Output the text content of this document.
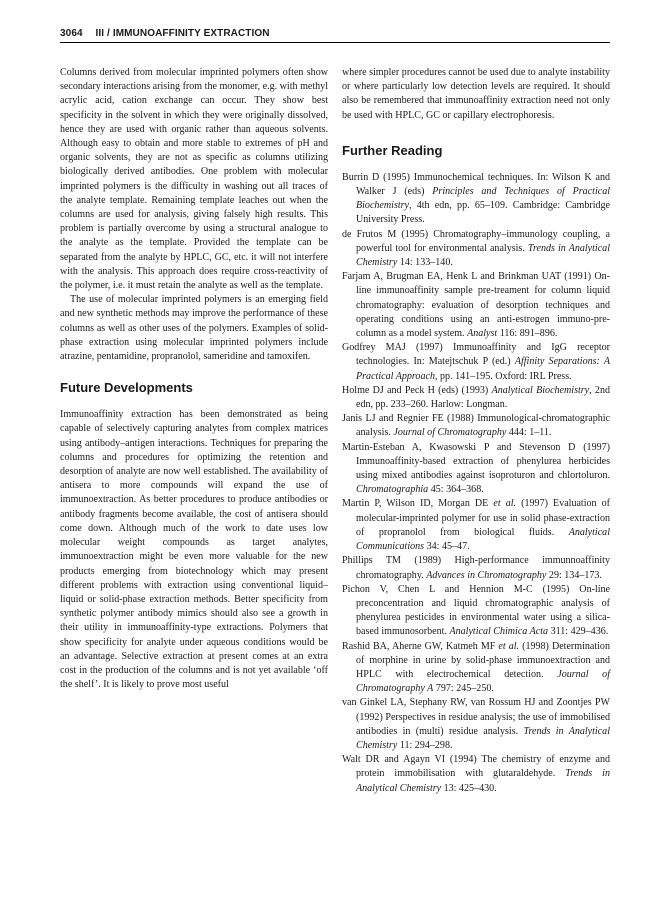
3064 III / IMMUNOAFFINITY EXTRACTION

Columns derived from molecular imprinted polymers often show secondary interactions arising from the monomer, e.g. with methyl acrylic acid, cation exchange can occur. They show best specificity in the solvent in which they were originally dissolved, hence they are used with organic rather than aqueous solvents. Although easy to obtain and more stable to extremes of pH and organic solvents, they are not as specific as columns utilizing biologically derived antibodies. One problem with molecular imprinted polymers is the difficulty in washing out all traces of the analyte template. Remaining template leaches out when the columns are used for analysis, giving falsely high results. This problem is partially overcome by using a structural analogue to the analyte as the template. Provided the template can be separated from the analyte by HPLC, GC, etc. it will not interfere with the analysis. This approach does require cross-reactivity of the polymer, i.e. it must retain the analyte as well as the template.

The use of molecular imprinted polymers is an emerging field and new synthetic methods may improve the performance of these columns as well as other uses of the polymers. Examples of solid-phase extraction using molecular imprinted polymers include atrazine, pentamidine, propranolol, sameridine and tamoxifen.

Future Developments

Immunoaffinity extraction has been demonstrated as being capable of selectively capturing analytes from complex matrices using antibody–antigen interactions. Techniques for preparing the columns and procedures for optimizing the retention and desorption of analyte are now well established. The availability of antisera to more compounds will expand the use of immunoextraction. As better procedures to produce antibodies or antibody fragments become available, the cost of antisera should come down. Although much of the work to date uses low molecular weight compounds as target analytes, immunoextraction might be even more valuable for the new products emerging from biotechnology which may present different problems with extraction using conventional liquid–liquid or solid-phase extraction methods. Better specificity from synthetic polymer antibody mimics should also see a growth in their utility in immunoaffinity-type extractions. Polymers that show specificity for analyte under aqueous conditions would be an advantage. Selective extraction at present comes at an extra cost in the production of the columns and is not yet available ‘off the shelf’. It is likely to prove most useful

where simpler procedures cannot be used due to analyte instability or where particularly low detection levels are required. It should also be remembered that immunoaffinity extraction need not only be used with HPLC, GC or capillary electrophoresis.

Further Reading
Burrin D (1995) Immunochemical techniques. In: Wilson K and Walker J (eds) Principles and Techniques of Practical Biochemistry, 4th edn, pp. 65–109. Cambridge: Cambridge University Press.
de Frutos M (1995) Chromatography–immunology coupling, a powerful tool for environmental analysis. Trends in Analytical Chemistry 14: 133–140.
Farjam A, Brugman EA, Henk L and Brinkman UAT (1991) On-line immunoaffinity sample pre-treament for column liquid chromatography: evaluation of desorption techniques and operating conditions using an anti-estrogen immuno-pre-column as a model system. Analyst 116: 891–896.
Godfrey MAJ (1997) Immunoaffinity and IgG receptor technologies. In: Matejtschuk P (ed.) Affinity Separations: A Practical Approach, pp. 141–195. Oxford: IRL Press.
Holme DJ and Peck H (eds) (1993) Analytical Biochemistry, 2nd edn, pp. 233–260. Harlow: Longman.
Janis LJ and Regnier FE (1988) Immunological-chromatographic analysis. Journal of Chromatography 444: 1–11.
Martin-Esteban A, Kwasowski P and Stevenson D (1997) Immunoaffinity-based extraction of phenylurea herbicides using mixed antibodies against isoproturon and chlortoluron. Chromatographia 45: 364–368.
Martin P, Wilson ID, Morgan DE et al. (1997) Evaluation of molecular-imprinted polymer for use in solid phase-extraction of propranolol from biological fluids. Analytical Communications 34: 45–47.
Phillips TM (1989) High-performance immunnoaffinity chromatography. Advances in Chromatography 29: 134–173.
Pichon V, Chen L and Hennion M-C (1995) On-line preconcentration and liquid chromatographic analysis of phenylurea pesticides in environmental water using a silica-based immunosorbent. Analytical Chimica Acta 311: 429–436.
Rashid BA, Aherne GW, Katmeh MF et al. (1998) Determination of morphine in urine by solid-phase immunoextraction and HPLC with electrochemical detection. Journal of Chromatography A 797: 245–250.
van Ginkel LA, Stephany RW, van Rossum HJ and Zoontjes PW (1992) Perspectives in residue analysis; the use of immobilised antibodies in (multi) residue analysis. Trends in Analytical Chemistry 11: 294–298.
Walt DR and Agayn VI (1994) The chemistry of enzyme and protein immobilisation with glutaraldehyde. Trends in Analytical Chemistry 13: 425–430.
